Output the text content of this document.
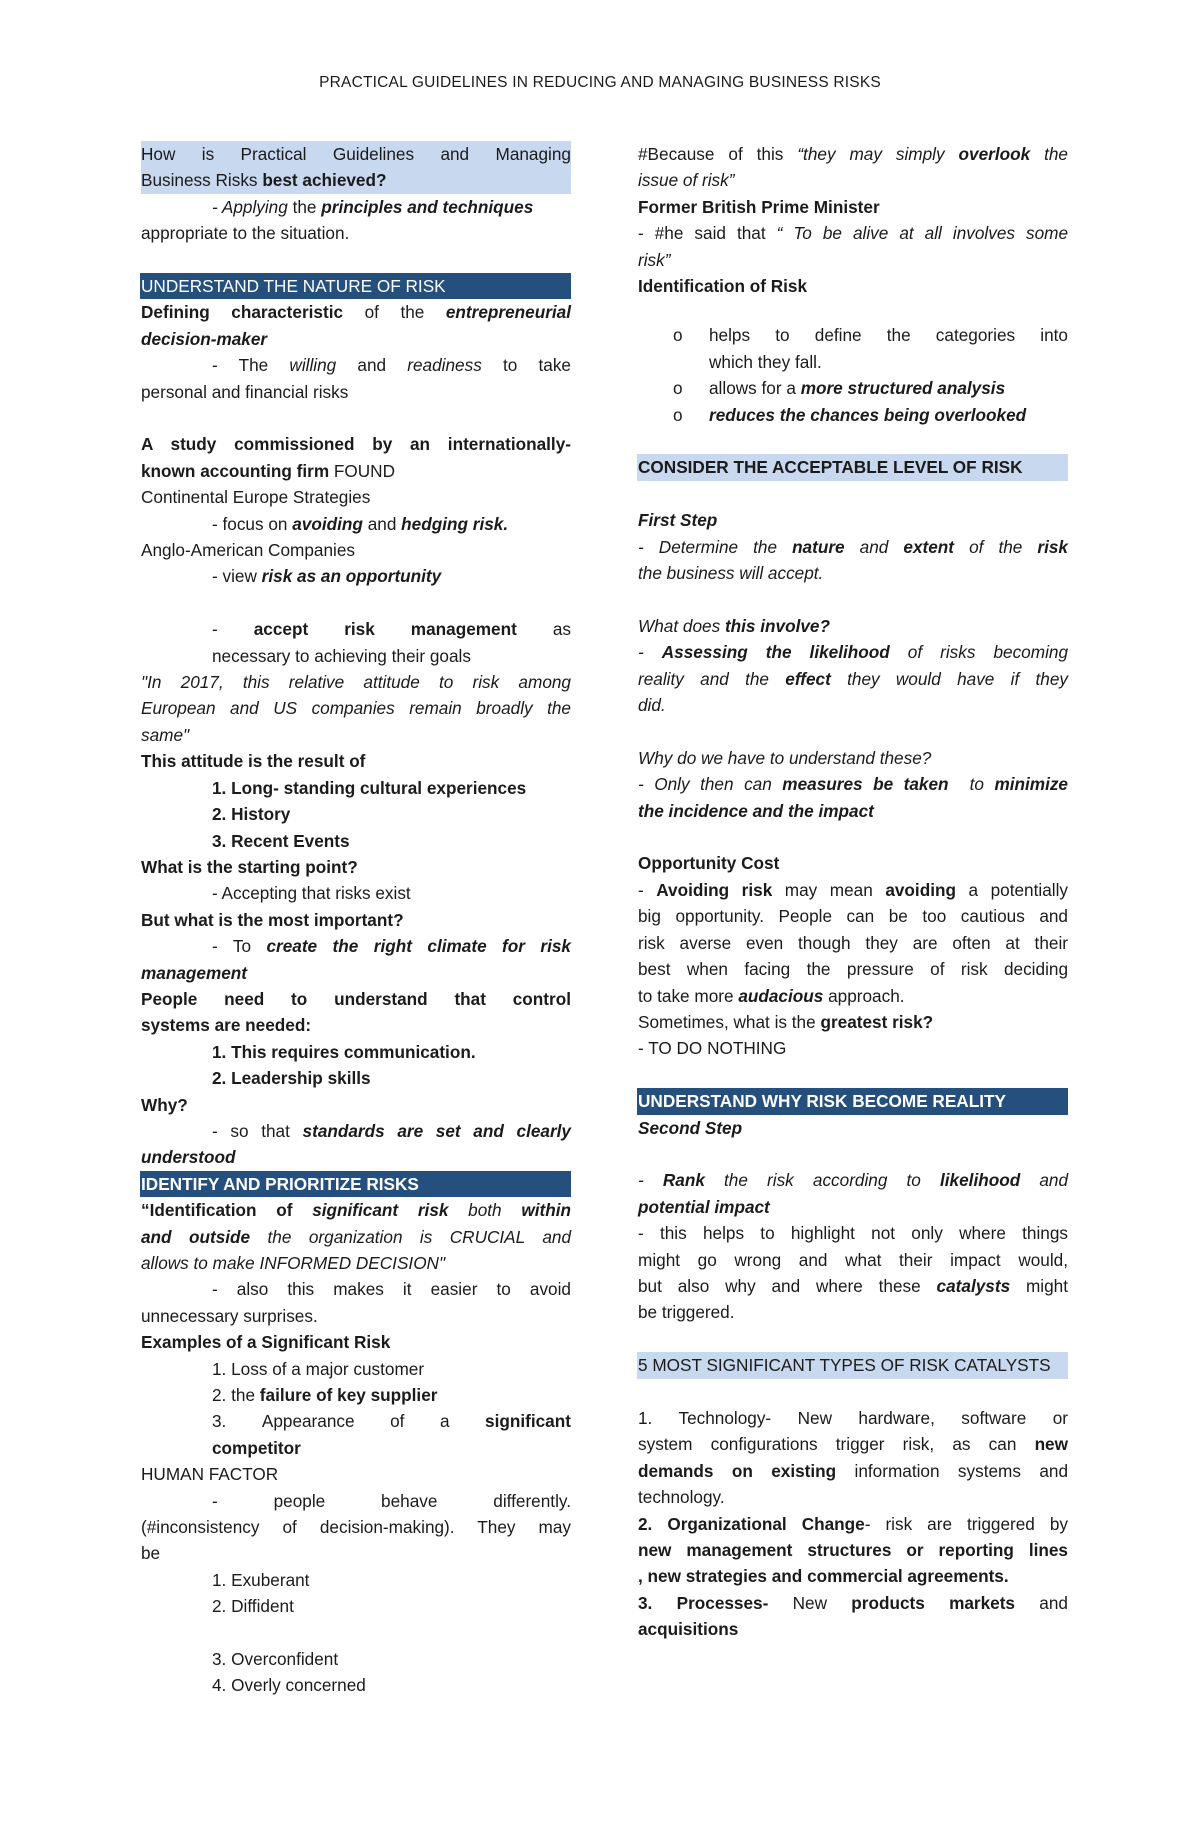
PRACTICAL GUIDELINES IN REDUCING AND MANAGING BUSINESS RISKS
How is Practical Guidelines and Managing
Business Risks best achieved?
- Applying the principles and techniques
appropriate to the situation.
UNDERSTAND THE NATURE OF RISK
Defining characteristic of the entrepreneurial
decision-maker
- The willing and readiness to take
personal and financial risks
A study commissioned by an internationally-
known accounting firm FOUND
Continental Europe Strategies
- focus on avoiding and hedging risk.
Anglo-American Companies
- view risk as an opportunity
- accept risk management as
necessary to achieving their goals
"In 2017, this relative attitude to risk among
European and US companies remain broadly the
same"
This attitude is the result of
1. Long- standing cultural experiences
2. History
3. Recent Events
What is the starting point?
- Accepting that risks exist
But what is the most important?
- To create the right climate for risk
management
People need to understand that control
systems are needed:
1. This requires communication.
2. Leadership skills
Why?
- so that standards are set and clearly
understood
IDENTIFY AND PRIORITIZE RISKS
“Identification of significant risk both within
and outside the organization is CRUCIAL and
allows to make INFORMED DECISION"
- also this makes it easier to avoid
unnecessary surprises.
Examples of a Significant Risk
1. Loss of a major customer
2. the failure of key supplier
3. Appearance of a significant
competitor
HUMAN FACTOR
-	people	behave	differently.
(#inconsistency of decision-making). They may
be
1. Exuberant
2. Diffident
3. Overconfident
4. Overly concerned
#Because of this “they may simply overlook the
issue of risk”
Former British Prime Minister
- #he said that “ To be alive at all involves some
risk”
Identification of Risk
o helps to define the categories into
which they fall.
o allows for a more structured analysis
o reduces the chances being overlooked
CONSIDER THE ACCEPTABLE LEVEL OF RISK
First Step
- Determine the nature and extent of the risk
the business will accept.
What does this involve?
- Assessing the likelihood of risks becoming
reality and the effect they would have if they
did.
Why do we have to understand these?
- Only then can measures be taken  to minimize
the incidence and the impact
Opportunity Cost
- Avoiding risk may mean avoiding a potentially
big opportunity. People can be too cautious and
risk averse even though they are often at their
best when facing the pressure of risk deciding
to take more audacious approach.
Sometimes, what is the greatest risk?
- TO DO NOTHING
UNDERSTAND WHY RISK BECOME REALITY
Second Step
- Rank the risk according to likelihood and
potential impact
- this helps to highlight not only where things
might go wrong and what their impact would,
but also why and where these catalysts might
be triggered.
5 MOST SIGNIFICANT TYPES OF RISK CATALYSTS
1. Technology- New hardware, software or
system configurations trigger risk, as can new
demands on existing information systems and
technology.
2. Organizational Change- risk are triggered by
new management structures or reporting lines
, new strategies and commercial agreements.
3. Processes- New products markets and
acquisitions
